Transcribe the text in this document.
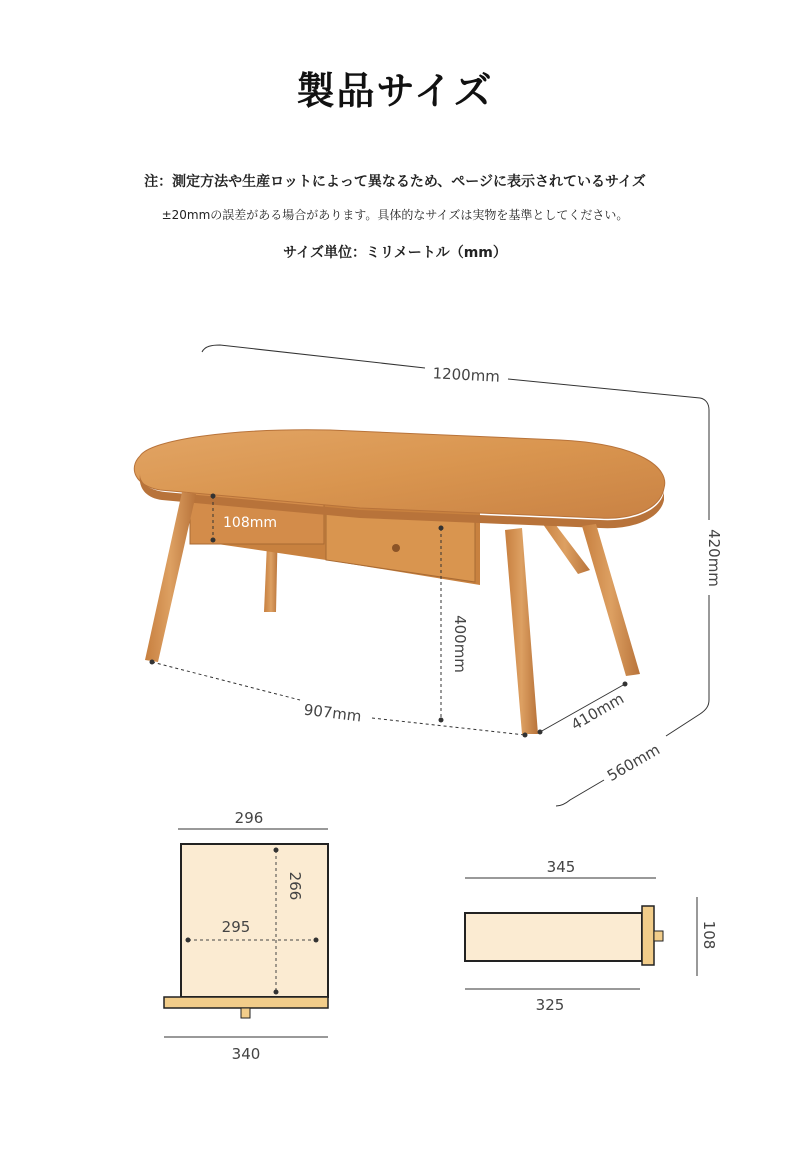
製品サイズ
注：測定方法や生産ロットによって異なるため、ページに表示されているサイズ
±20mmの誤差がある場合があります。具体的なサイズは実物を基準としてください。
サイズ単位：ミリメートル（mm）
1200mm
420mm
560mm
108mm
400mm
907mm	410mm
296
266
295
340
345
325
108
